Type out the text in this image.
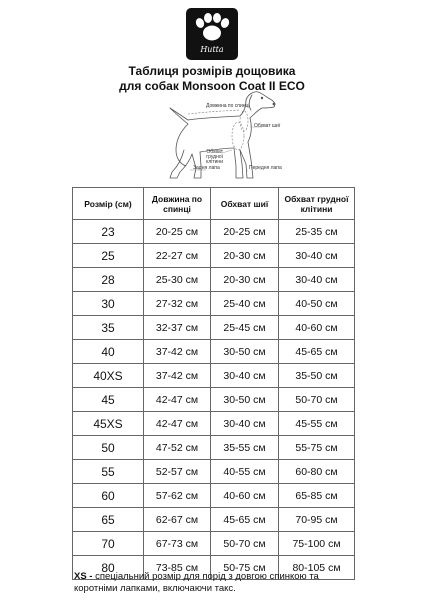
Hutta
Таблиця розмірів дощовика
для собак Monsoon Coat II ECO
Довжина по спинці
Обхват шиї
Обхват грудної клітини
Задня лапа	Передня лапа
Розмір (см)	Довжина по спинці	Обхват шиї	Обхват грудної клітини
23	20-25 см	20-25 см	25-35 см
25	22-27 см	20-30 см	30-40 см
28	25-30 см	20-30 см	30-40 см
30	27-32 см	25-40 см	40-50 см
35	32-37 см	25-45 см	40-60 см
40	37-42 см	30-50 см	45-65 см
40XS	37-42 см	30-40 см	35-50 см
45	42-47 см	30-50 см	50-70 см
45XS	42-47 см	30-40 см	45-55 см
50	47-52 см	35-55 см	55-75 см
55	52-57 см	40-55 см	60-80 см
60	57-62 см	40-60 см	65-85 см
65	62-67 см	45-65 см	70-95 см
70	67-73 см	50-70 см	75-100 см
80	73-85 см	50-75 см	80-105 см
XS - спеціальний розмір для порід з довгою спинкою та коротніми лапками, включаючи такс.
